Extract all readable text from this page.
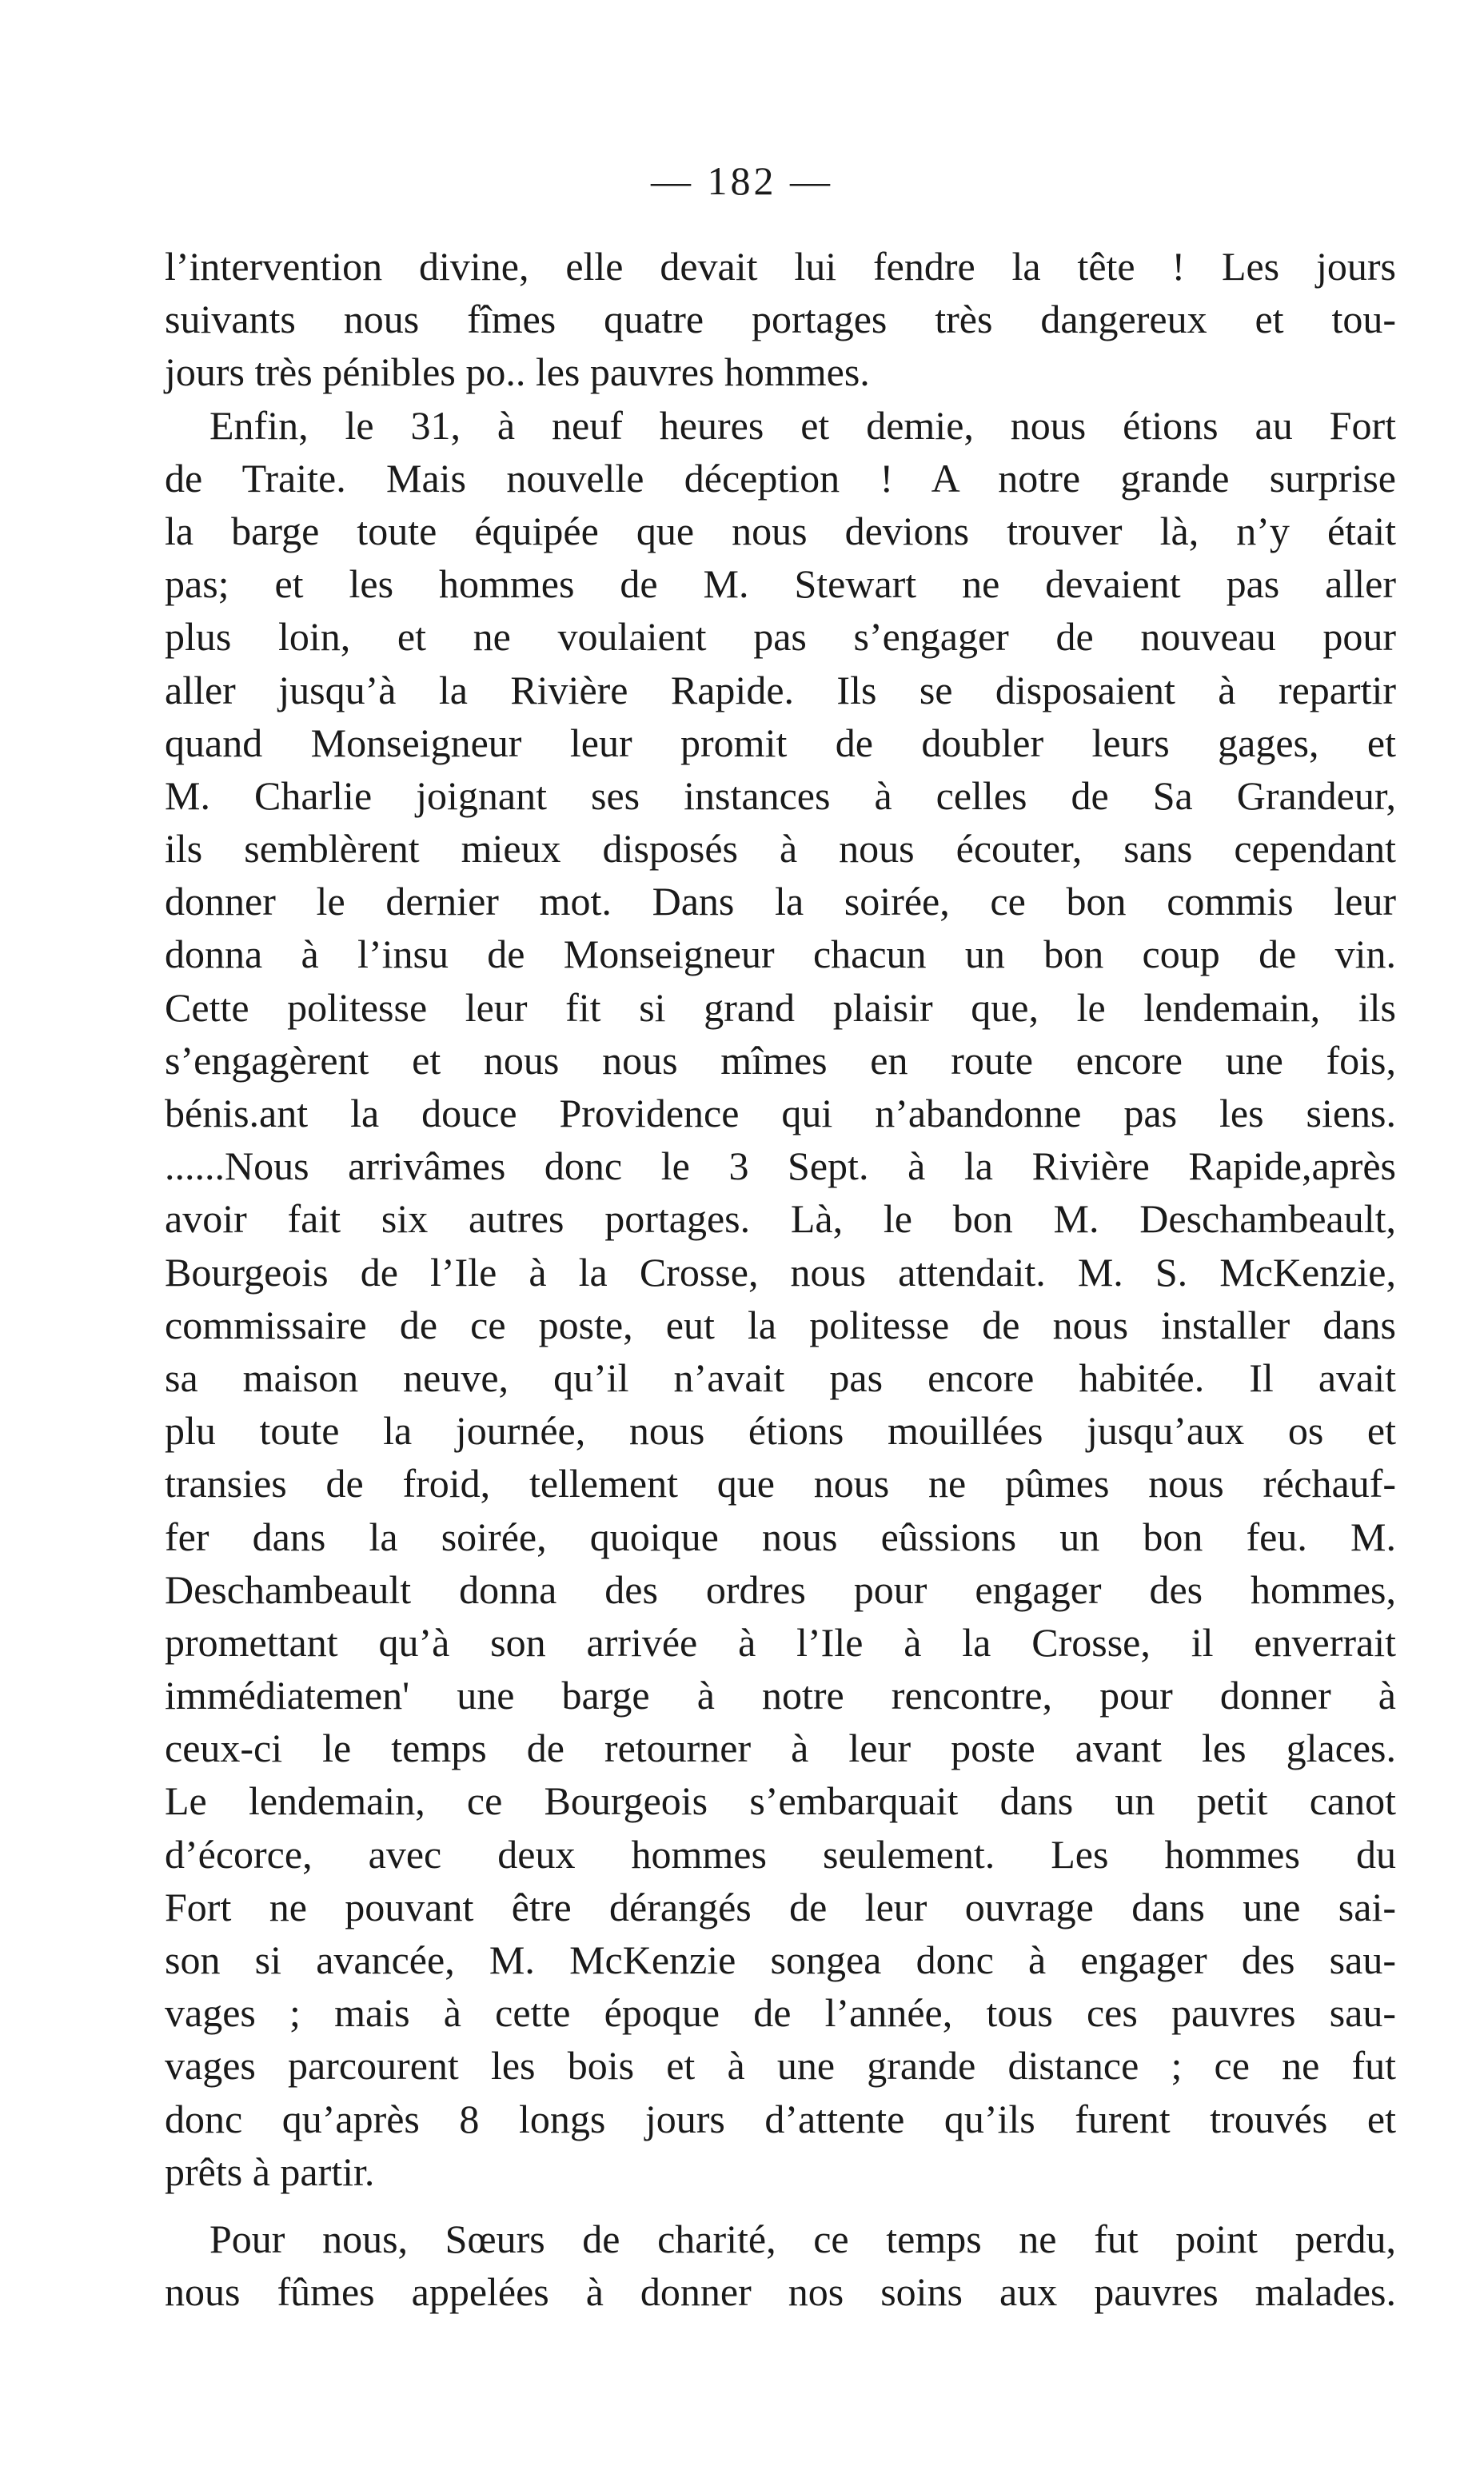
— 182 —
l’intervention divine, elle devait lui fendre la tête ! Les jours
suivants nous fîmes quatre portages très dangereux et tou-
jours très pénibles po.. les pauvres hommes.
Enfin, le 31, à neuf heures et demie, nous étions au Fort
de Traite. Mais nouvelle déception ! A notre grande surprise
la barge toute équipée que nous devions trouver là, n’y était
pas; et les hommes de M. Stewart ne devaient pas aller
plus loin, et ne voulaient pas s’engager de nouveau pour
aller jusqu’à la Rivière Rapide. Ils se disposaient à repartir
quand Monseigneur leur promit de doubler leurs gages, et
M. Charlie joignant ses instances à celles de Sa Grandeur,
ils semblèrent mieux disposés à nous écouter, sans cependant
donner le dernier mot. Dans la soirée, ce bon commis leur
donna à l’insu de Monseigneur chacun un bon coup de vin.
Cette politesse leur fit si grand plaisir que, le lendemain, ils
s’engagèrent et nous nous mîmes en route encore une fois,
bénis.ant la douce Providence qui n’abandonne pas les siens.
......Nous arrivâmes donc le 3 Sept. à la Rivière Rapide,après
avoir fait six autres portages. Là, le bon M. Deschambeault,
Bourgeois de l’Ile à la Crosse, nous attendait. M. S. McKenzie,
commissaire de ce poste, eut la politesse de nous installer dans
sa maison neuve, qu’il n’avait pas encore habitée. Il avait
plu toute la journée, nous étions mouillées jusqu’aux os et
transies de froid, tellement que nous ne pûmes nous réchauf-
fer dans la soirée, quoique nous eûssions un bon feu. M.
Deschambeault donna des ordres pour engager des hommes,
promettant qu’à son arrivée à l’Ile à la Crosse, il enverrait
immédiatemen' une barge à notre rencontre, pour donner à
ceux-ci le temps de retourner à leur poste avant les glaces.
Le lendemain, ce Bourgeois s’embarquait dans un petit canot
d’écorce, avec deux hommes seulement. Les hommes du
Fort ne pouvant être dérangés de leur ouvrage dans une sai-
son si avancée, M. McKenzie songea donc à engager des sau-
vages ; mais à cette époque de l’année, tous ces pauvres sau-
vages parcourent les bois et à une grande distance ; ce ne fut
donc qu’après 8 longs jours d’attente qu’ils furent trouvés et
prêts à partir.
Pour nous, Sœurs de charité, ce temps ne fut point perdu,
nous fûmes appelées à donner nos soins aux pauvres malades.
